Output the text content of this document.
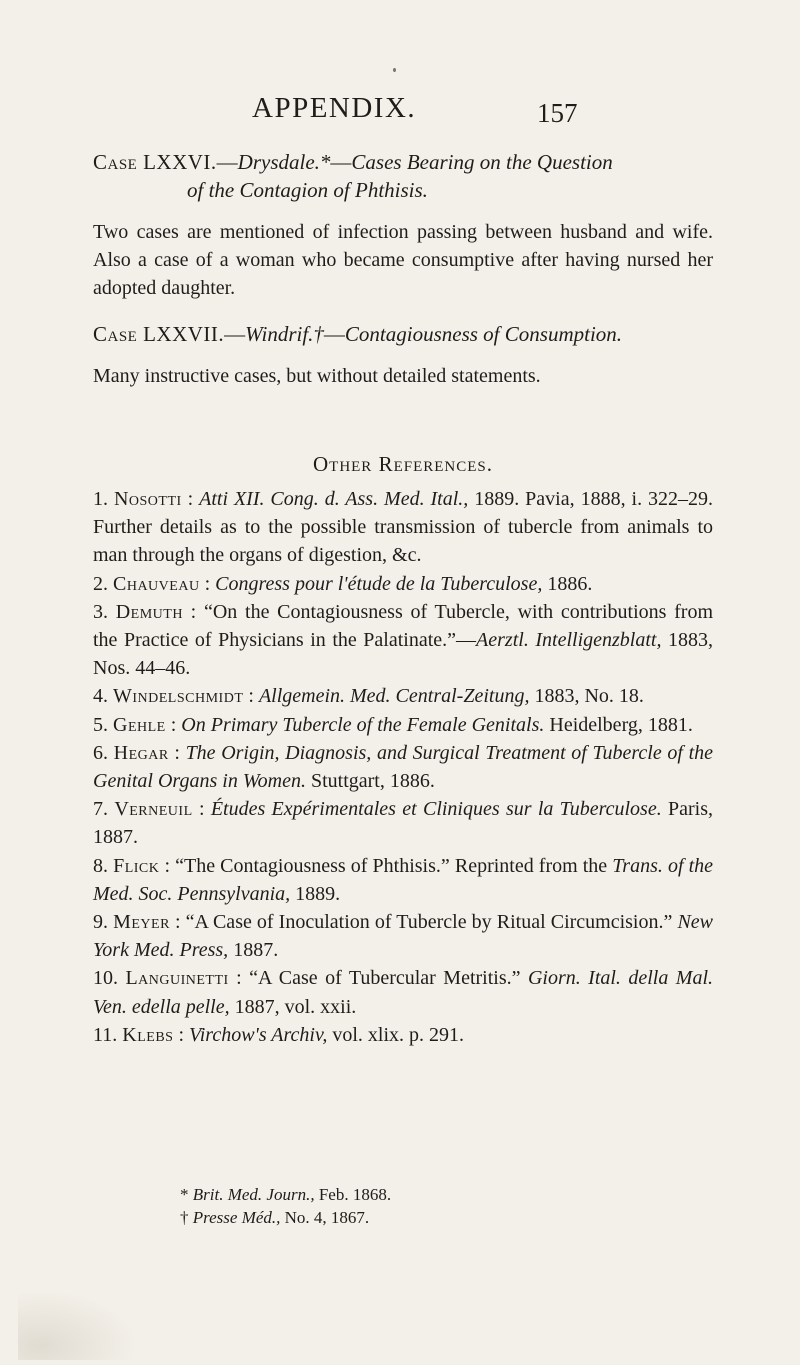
APPENDIX.	157

Case LXXVI.—Drysdale.*—Cases Bearing on the Question
of the Contagion of Phthisis.

Two cases are mentioned of infection passing between husband and wife. Also a case of a woman who became consumptive after having nursed her adopted daughter.

Case LXXVII.—Windrif.†—Contagiousness of Consumption.

Many instructive cases, but without detailed statements.

Other References.

1. Nosotti : Atti XII. Cong. d. Ass. Med. Ital., 1889. Pavia, 1888, i. 322–29. Further details as to the possible transmission of tubercle from animals to man through the organs of digestion, &c.

2. Chauveau : Congress pour l'étude de la Tuberculose, 1886.

3. Demuth : “On the Contagiousness of Tubercle, with contributions from the Practice of Physicians in the Palatinate.”—Aerztl. Intelligenzblatt, 1883, Nos. 44–46.

4. Windelschmidt : Allgemein. Med. Central-Zeitung, 1883, No. 18.

5. Gehle : On Primary Tubercle of the Female Genitals. Heidelberg, 1881.

6. Hegar : The Origin, Diagnosis, and Surgical Treatment of Tubercle of the Genital Organs in Women. Stuttgart, 1886.

7. Verneuil : Études Expérimentales et Cliniques sur la Tuberculose. Paris, 1887.

8. Flick : “The Contagiousness of Phthisis.” Reprinted from the Trans. of the Med. Soc. Pennsylvania, 1889.

9. Meyer : “A Case of Inoculation of Tubercle by Ritual Circumcision.” New York Med. Press, 1887.

10. Languinetti : “A Case of Tubercular Metritis.” Giorn. Ital. della Mal. Ven. edella pelle, 1887, vol. xxii.

11. Klebs : Virchow's Archiv, vol. xlix. p. 291.

* Brit. Med. Journ., Feb. 1868.

† Presse Méd., No. 4, 1867.
